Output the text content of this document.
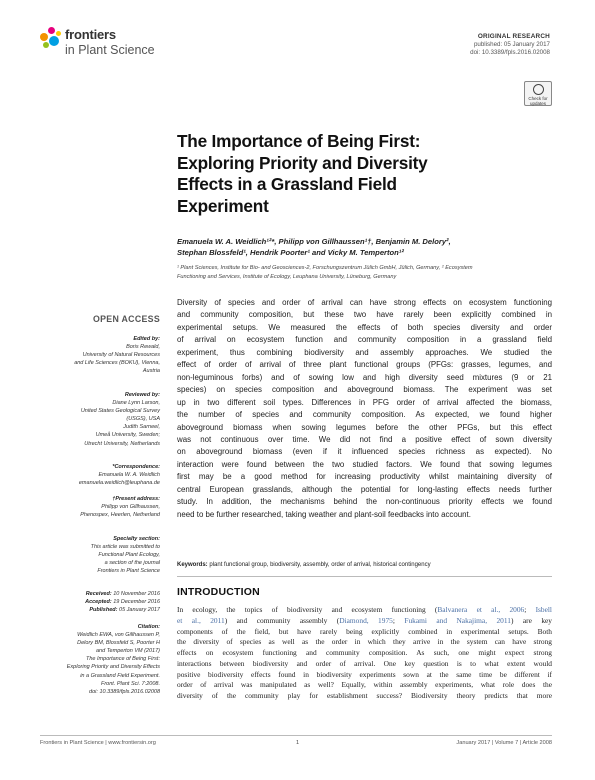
frontiers
in Plant Science
ORIGINAL RESEARCH
published: 05 January 2017
doi: 10.3389/fpls.2016.02008
Check for updates
The Importance of Being First:
Exploring Priority and Diversity
Effects in a Grassland Field
Experiment
Emanuela W. A. Weidlich¹²*, Philipp von Gillhaussen¹†, Benjamin M. Delory²,
Stephan Blossfeld¹, Hendrik Poorter¹ and Vicky M. Temperton¹²
¹ Plant Sciences, Institute for Bio- and Geosciences-2, Forschungszentrum Jülich GmbH, Jülich, Germany, ² Ecosystem
Functioning and Services, Institute of Ecology, Leuphana University, Lüneburg, Germany
OPEN ACCESS
Edited by:
Boris Rewald,
University of Natural Resources
and Life Sciences (BOKU), Vienna,
Austria
Reviewed by:
Diane Lynn Larson,
United States Geological Survey
(USGS), USA
Judith Sarneel,
Umeå University, Sweden;
Utrecht University, Netherlands
*Correspondence:
Emanuela W. A. Weidlich
emanuela.weidlich@leuphana.de
†Present address:
Philipp von Gillhaussen,
Phenospex, Heerlen, Netherland
Specialty section:
This article was submitted to
Functional Plant Ecology,
a section of the journal
Frontiers in Plant Science
Received: 10 November 2016
Accepted: 19 December 2016
Published: 05 January 2017
Citation:
Weidlich EWA, von Gillhaussen P,
Delory BM, Blossfeld S, Poorter H
and Temperton VM (2017)
The Importance of Being First:
Exploring Priority and Diversity Effects
in a Grassland Field Experiment.
Front. Plant Sci. 7:2008.
doi: 10.3389/fpls.2016.02008
Diversity of species and order of arrival can have strong effects on ecosystem functioning
and community composition, but these two have rarely been explicitly combined in
experimental setups. We measured the effects of both species diversity and order
of arrival on ecosystem function and community composition in a grassland field
experiment, thus combining biodiversity and assembly approaches. We studied the
effect of order of arrival of three plant functional groups (PFGs: grasses, legumes, and
non-leguminous forbs) and of sowing low and high diversity seed mixtures (9 or 21
species) on species composition and aboveground biomass. The experiment was set
up in two different soil types. Differences in PFG order of arrival affected the biomass,
the number of species and community composition. As expected, we found higher
aboveground biomass when sowing legumes before the other PFGs, but this effect
was not continuous over time. We did not find a positive effect of sown diversity
on aboveground biomass (even if it influenced species richness as expected). No
interaction were found between the two studied factors. We found that sowing legumes
first may be a good method for increasing productivity whilst maintaining diversity of
central European grasslands, although the potential for long-lasting effects needs further
study. In addition, the mechanisms behind the non-continuous priority effects we found
need to be further researched, taking weather and plant-soil feedbacks into account.
Keywords: plant functional group, biodiversity, assembly, order of arrival, historical contingency
INTRODUCTION
In ecology, the topics of biodiversity and ecosystem functioning (Balvanera et al., 2006; Isbell
et al., 2011) and community assembly (Diamond, 1975; Fukami and Nakajima, 2011) are key
components of the field, but have rarely being explicitly combined in experimental setups. Both
the diversity of species as well as the order in which they arrive in the system can have strong
effects on ecosystem functioning and community composition. As such, one might expect strong
interactions between biodiversity and order of arrival. One key question is to what extent would
positive biodiversity effects found in biodiversity experiments sown at the same time be different if
order of arrival was manipulated as well? Equally, within assembly experiments, what role does the
diversity of the community play for establishment success? Biodiversity theory predicts that more
Frontiers in Plant Science | www.frontiersin.org	1	January 2017 | Volume 7 | Article 2008
